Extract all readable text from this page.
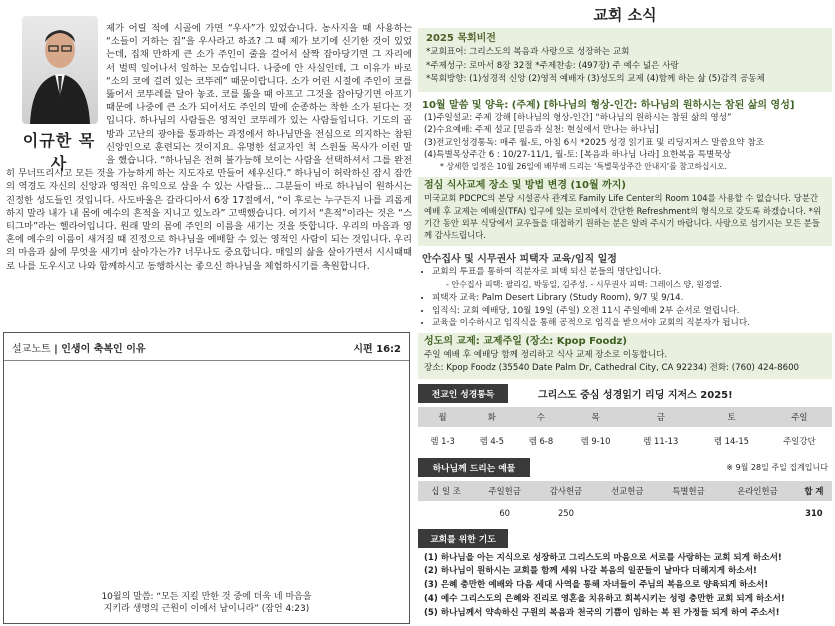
이규한 목사
제가 어릴 적에 시골에 가면 “우사”가 있었습니다. 농사지을 때 사용하는 “소들이 거하는 집”을 우사라고 하죠? 그 때 제가 보기에 신기한 것이 있었는데, 집채 만하게 큰 소가 주인이 줄을 걸어서 살짝 잡아당기면 그 자리에서 벌떡 일어나서 일하는 모습입니다. 나중에 안 사실인데, 그 이유가 바로 “소의 코에 걸려 있는 코뚜레” 때문이랍니다. 소가 어린 시절에 주인이 코를 뚫어서 코뚜레를 달아 놓죠. 코를 뚫을 때 아프고 그것을 잡아당기면 아프기 때문에 나중에 큰 소가 되어서도 주인의 말에 순종하는 착한 소가 된다는 것입니다. 하나님의 사람들은 영적인 코뚜레가 있는 사람들입니다. 기도의 골방과 고난의 광야를 통과하는 과정에서 하나님만을 전심으로 의지하는 참된 신앙인으로 훈련되는 것이지요. 유명한 설교자인 척 스윈돌 목사가 이런 말을 했습니다. “하나님은 전혀 불가능해 보이는 사람을 선택하셔서 그를 완전히 무너뜨리시고 모든 것을 가능하게 하는 지도자로 만들어 세우신다.” 하나님이 허락하신 잠시 잠깐의 역경도 자신의 신앙과 영적인 유익으로 삼을 수 있는 사람들... 그분들이 바로 하나님이 원하시는 진정한 성도들인 것입니다. 사도바울은 갈라디아서 6장 17절에서, “이 후로는 누구든지 나를 괴롭게 하지 말라 내가 내 몸에 예수의 흔적을 지니고 있노라” 고백했습니다. 여기서 “흔적”이라는 것은 “스티그마”라는 헬라어입니다. 원래 말의 몸에 주인의 이름을 새기는 것을 뜻합니다. 우리의 마음과 영혼에 예수의 이름이 새겨질 때 진정으로 하나님을 예배할 수 있는 영적인 사람이 되는 것입니다. 우리의 마음과 삶에 무엇을 새기며 살아가는가? 너무나도 중요합니다. 매일의 삶을 살아가면서 시시때때로 나를 도우시고 나와 함께하시고 동행하시는 좋으신 하나님을 체험하시기를 축원합니다.
설교노트 | 인생이 축복인 이유	시편 16:2
10월의 말씀: “모든 지킬 만한 것 중에 더욱 네 마음을
지키라 생명의 근원이 이에서 남이니라” (잠언 4:23)
교회 소식
2025 목회비전
*교회표어: 그리스도의 복음과 사랑으로 성장하는 교회
*주제성구: 로마서 8장 32절 *주제찬송: (497장) 주 예수 넓은 사랑
*목회방향: (1)성경적 신앙 (2)영적 예배자 (3)성도의 교제 (4)함께 하는 삶 (5)감격 공동체
10월 말씀 및 양육: (주제) [하나님의 형상-인간: 하나님의 원하시는 참된 삶의 영성]
(1)주일설교: 주제 강해 [하나님의 형상-인간] “하나님의 원하시는 참된 삶의 영성”
(2)수요예배: 주제 설교 [믿음과 실천: 현실에서 만나는 하나님]
(3)전교인성경통독: 매주 월-토, 아침 6시 *2025 성경 읽기표 및 리딩지저스 말씀요약 참조
(4)특별목상주간 6 : 10/27-11/1, 월-토: [복음과 하나님 나라] 요한복음 특별묵상
* 상세한 일정은 10월 26일에 배부해 드리는 ‘특별묵상주간 안내지’를 참고하십시오.
점심 식사교제 장소 및 방법 변경 (10월 까지)
미국교회 PDCPC의 본당 시설공사 관계로 Family Life Center의 Room 104를 사용할 수 없습니다. 당분간 예배 후 교제는 예배실(TFA) 입구에 있는 로비에서 간단한 Refreshment의 형식으로 갖도록 하겠습니다. *위 기간 동안 외부 식당에서 교우들을 대접하기 원하는 분은 알려 주시기 바랍니다. 사랑으로 섬기시는 모든 분들께 감사드립니다.
안수집사 및 시무권사 피택자 교육/임직 일정
• 교회의 투표를 통하여 직분자로 피택 되신 분들의 명단입니다.
- 안수집사 피택: 팔리김, 박동일, 김주성. - 시무권사 피택: 그레이스 양, 원경열.
• 피택자 교육: Palm Desert Library (Study Room), 9/7 및 9/14.
• 임직식: 교회 예배당, 10월 19일 (주일) 오전 11시 주일예배 2부 순서로 열립니다.
• 교육을 이수하시고 임직식을 통해 공적으로 임직을 받으셔야 교회의 직분자가 됩니다.
성도의 교제: 교제주일 (장소: Kpop Foodz)
주일 예배 후 예배당 함께 정리하고 식사 교제 장소로 이동합니다.
장소: Kpop Foodz (35540 Date Palm Dr, Cathedral City, CA 92234) 전화: (760) 424-8600
전교인 성경통독	그리스도 중심 성경읽기 리딩 지저스 2025!
월	화	수	목	금	토	주일
렘 1-3	렘 4-5	렘 6-8	렘 9-10	렘 11-13	렘 14-15	주일강단
하나님께 드리는 예물	※ 9월 28일 주일 집계입니다
십 일 조	주일헌금	감사헌금	선교헌금	특별헌금	온라인헌금	합 계
	60	250				310
교회를 위한 기도
(1) 하나님을 아는 지식으로 성장하고 그리스도의 마음으로 서로를 사랑하는 교회 되게 하소서!
(2) 하나님이 원하시는 교회를 함께 세워 나갈 복음의 일꾼들이 날마다 더해지게 하소서!
(3) 은혜 충만한 예배와 다음 세대 사역을 통해 자녀들이 주님의 복음으로 양육되게 하소서!
(4) 예수 그리스도의 은혜와 진리로 영혼을 치유하고 회복시키는 성령 충만한 교회 되게 하소서!
(5) 하나님께서 약속하신 구원의 복음과 천국의 기쁨이 임하는 복 된 가정들 되게 하여 주소서!
